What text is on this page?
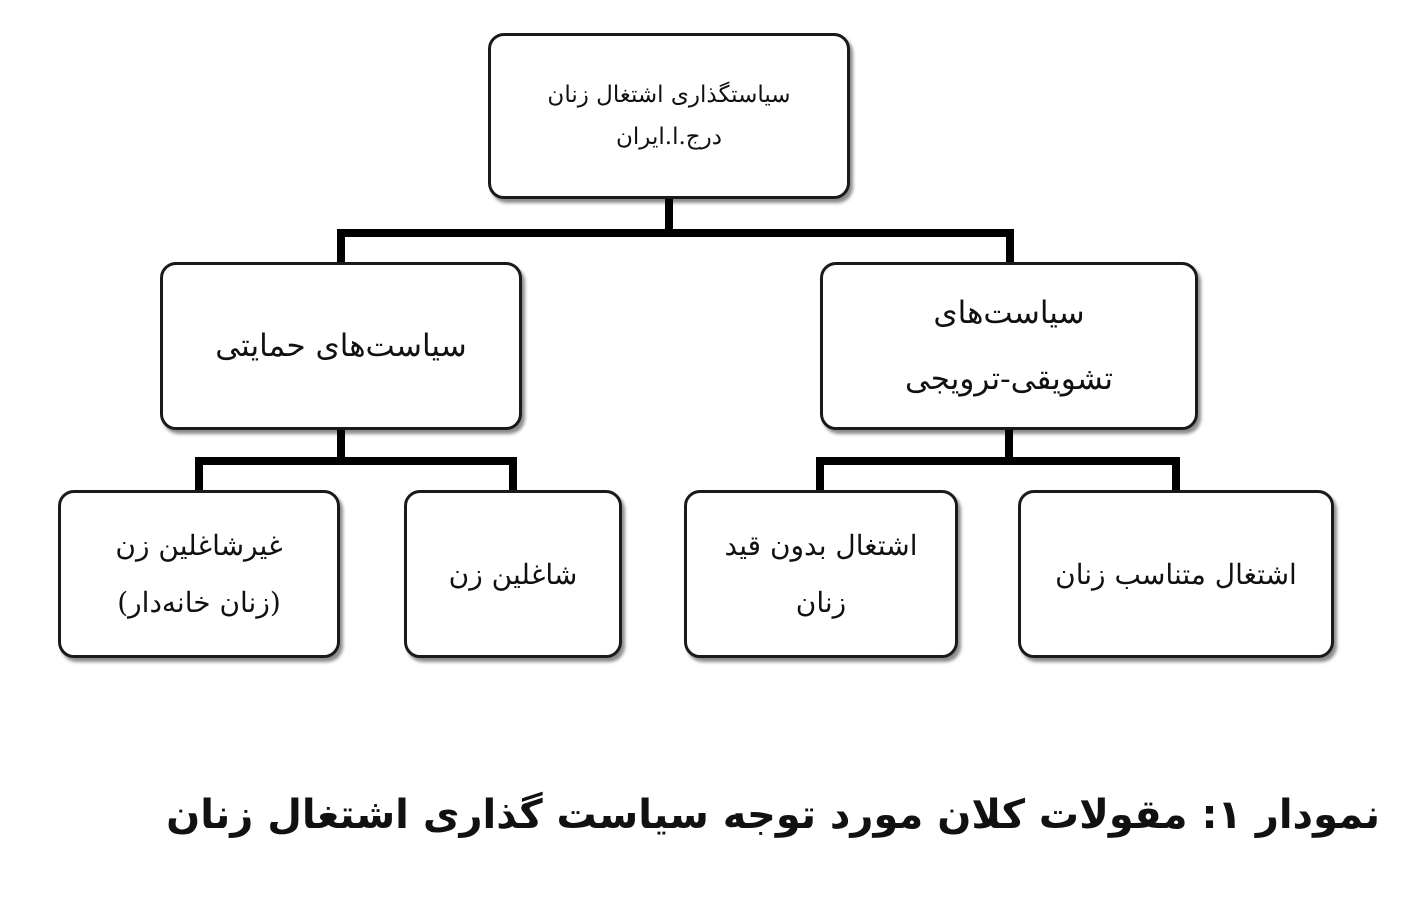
سیاستگذاری اشتغال زنان
درج.ا.ایران
سیاست‌های
تشویقی-ترویجی
سیاست‌های حمایتی
اشتغال متناسب زنان
اشتغال بدون قید
زنان
شاغلین زن
غیرشاغلین زن
(زنان خانه‌دار)
نمودار ۱: مقولات کلان مورد توجه سیاست گذاری اشتغال زنان
